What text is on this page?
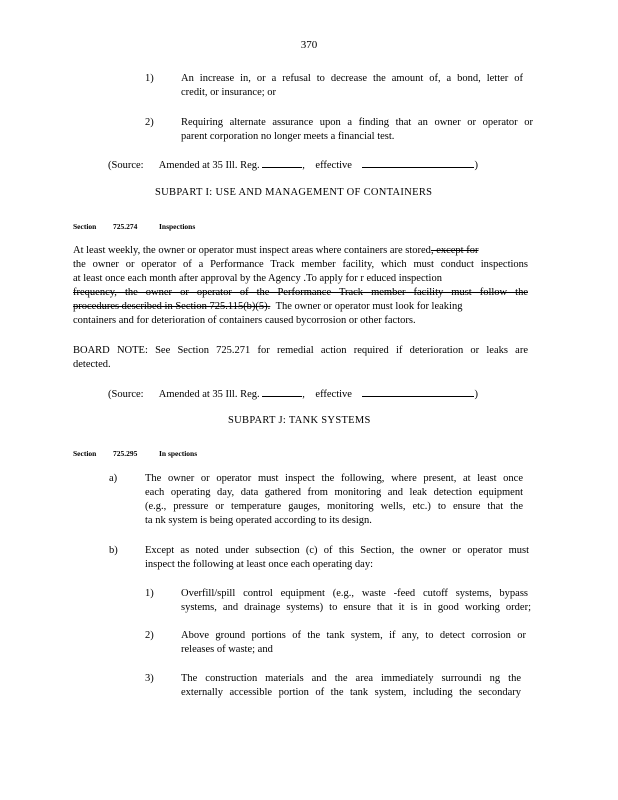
370
1)	An increase in, or a refusal to decrease the amount of, a bond, letter of
credit, or insurance; or
2)	Requiring alternate assurance upon a finding that an owner or operator or
parent corporation no longer meets a financial test.
(Source: Amended at 35 Ill. Reg.	, effective	)
SUBPART I: USE AND MANAGEMENT OF CONTAINERS
Section 725.274	Inspections
At least weekly, the owner or operator must inspect areas where containers are stored, except for
the owner or operator of a Performance Track member facility, which must conduct inspections
at least once each month after approval by the Agency .To apply for r educed inspection
frequency, the owner or operator of the Performance Track member facility must follow the
procedures described in Section 725.115(b)(5). The owner or operator must look for leaking
containers and for deterioration of containers caused bycorrosion or other factors.
BOARD NOTE: See Section 725.271 for remedial action required if deterioration or leaks are
detected.
(Source: Amended at 35 Ill. Reg.	, effective	)
SUBPART J: TANK SYSTEMS
Section 725.295	In spections
a)	The owner or operator must inspect the following, where present, at least once
each operating day, data gathered from monitoring and leak detection equipment
(e.g., pressure or temperature gauges, monitoring wells, etc.) to ensure that the
ta nk system is being operated according to its design.
b)	Except as noted under subsection (c) of this Section, the owner or operator must
inspect the following at least once each operating day:
1)	Overfill/spill control equipment (e.g., waste -feed cutoff systems, bypass
systems, and drainage systems) to ensure that it is in good working order;
2)	Above ground portions of the tank system, if any, to detect corrosion or
releases of waste; and
3)	The construction materials and the area immediately surroundi ng the
externally accessible portion of the tank system, including the secondary
